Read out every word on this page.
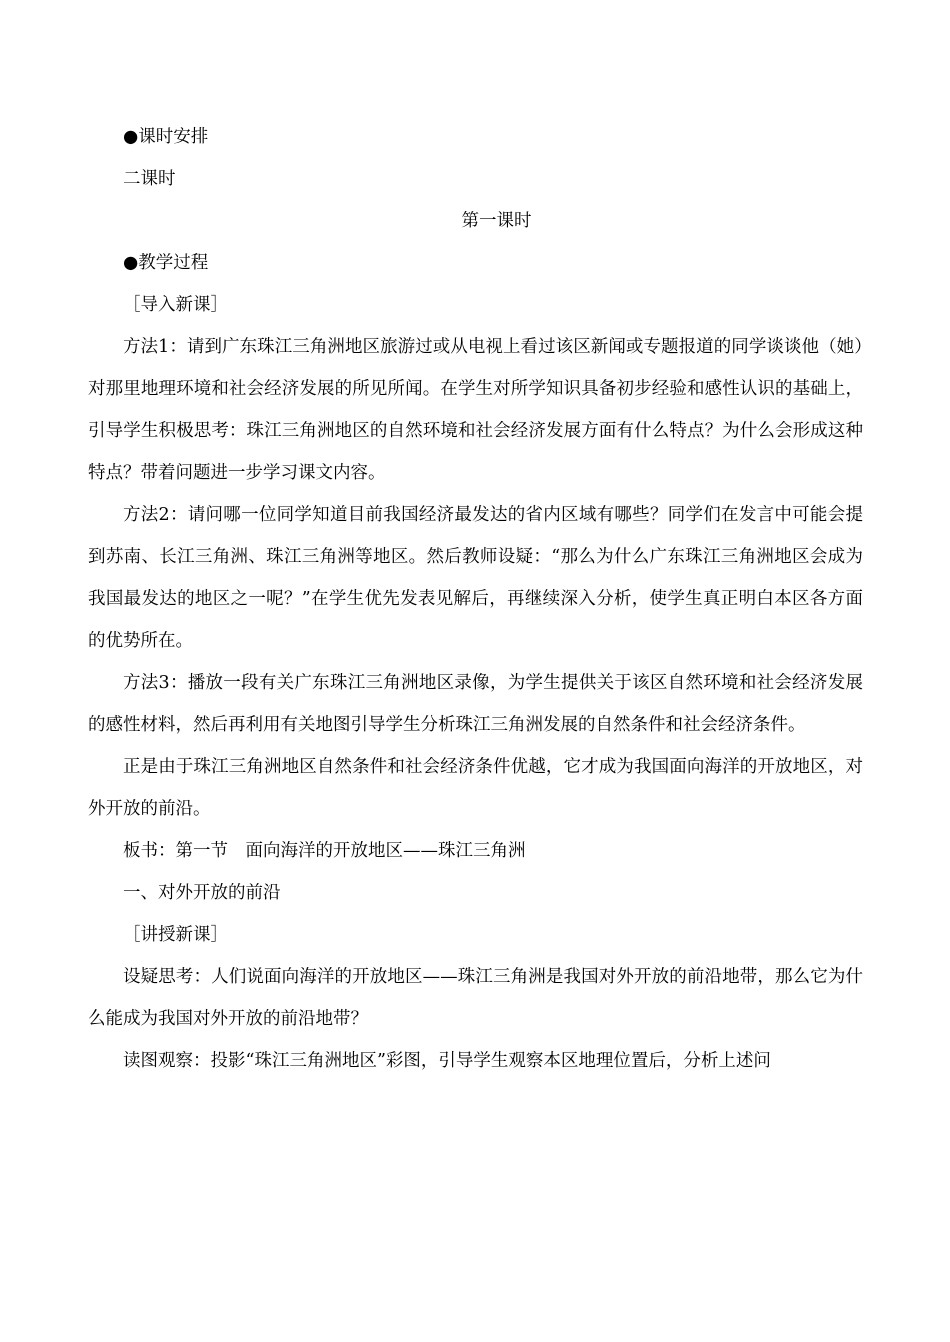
●课时安排

二课时

第一课时

●教学过程

［导入新课］

方法1：请到广东珠江三角洲地区旅游过或从电视上看过该区新闻或专题报道的同学谈谈他（她）对那里地理环境和社会经济发展的所见所闻。在学生对所学知识具备初步经验和感性认识的基础上，引导学生积极思考：珠江三角洲地区的自然环境和社会经济发展方面有什么特点？为什么会形成这种特点？带着问题进一步学习课文内容。

方法2：请问哪一位同学知道目前我国经济最发达的省内区域有哪些？同学们在发言中可能会提到苏南、长江三角洲、珠江三角洲等地区。然后教师设疑：“那么为什么广东珠江三角洲地区会成为我国最发达的地区之一呢？”在学生优先发表见解后，再继续深入分析，使学生真正明白本区各方面的优势所在。

方法3：播放一段有关广东珠江三角洲地区录像，为学生提供关于该区自然环境和社会经济发展的感性材料，然后再利用有关地图引导学生分析珠江三角洲发展的自然条件和社会经济条件。

正是由于珠江三角洲地区自然条件和社会经济条件优越，它才成为我国面向海洋的开放地区，对外开放的前沿。

板书：第一节　面向海洋的开放地区——珠江三角洲

一、对外开放的前沿

［讲授新课］

设疑思考：人们说面向海洋的开放地区——珠江三角洲是我国对外开放的前沿地带，那么它为什么能成为我国对外开放的前沿地带？

读图观察：投影“珠江三角洲地区”彩图，引导学生观察本区地理位置后，分析上述问
